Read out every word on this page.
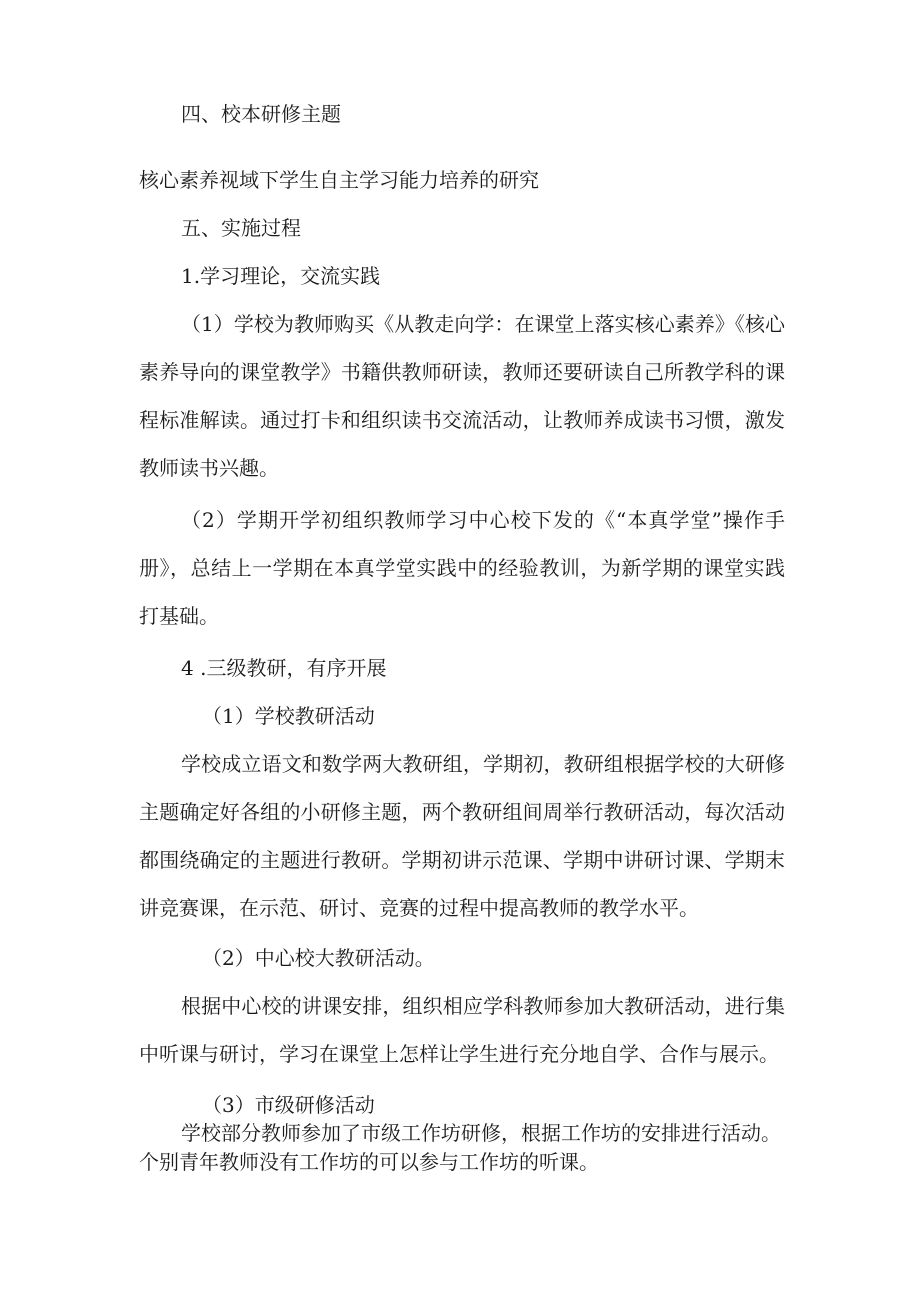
四、校本研修主题

核心素养视域下学生自主学习能力培养的研究

五、实施过程

1.学习理论，交流实践

（1）学校为教师购买《从教走向学：在课堂上落实核心素养》《核心素养导向的课堂教学》书籍供教师研读，教师还要研读自己所教学科的课程标准解读。通过打卡和组织读书交流活动，让教师养成读书习惯，激发教师读书兴趣。

（2）学期开学初组织教师学习中心校下发的《“本真学堂”操作手册》，总结上一学期在本真学堂实践中的经验教训，为新学期的课堂实践打基础。

4 .三级教研，有序开展

（1）学校教研活动

学校成立语文和数学两大教研组，学期初，教研组根据学校的大研修主题确定好各组的小研修主题，两个教研组间周举行教研活动，每次活动都围绕确定的主题进行教研。学期初讲示范课、学期中讲研讨课、学期末讲竞赛课，在示范、研讨、竞赛的过程中提高教师的教学水平。

（2）中心校大教研活动。

根据中心校的讲课安排，组织相应学科教师参加大教研活动，进行集中听课与研讨，学习在课堂上怎样让学生进行充分地自学、合作与展示。

（3）市级研修活动

学校部分教师参加了市级工作坊研修，根据工作坊的安排进行活动。个别青年教师没有工作坊的可以参与工作坊的听课。
